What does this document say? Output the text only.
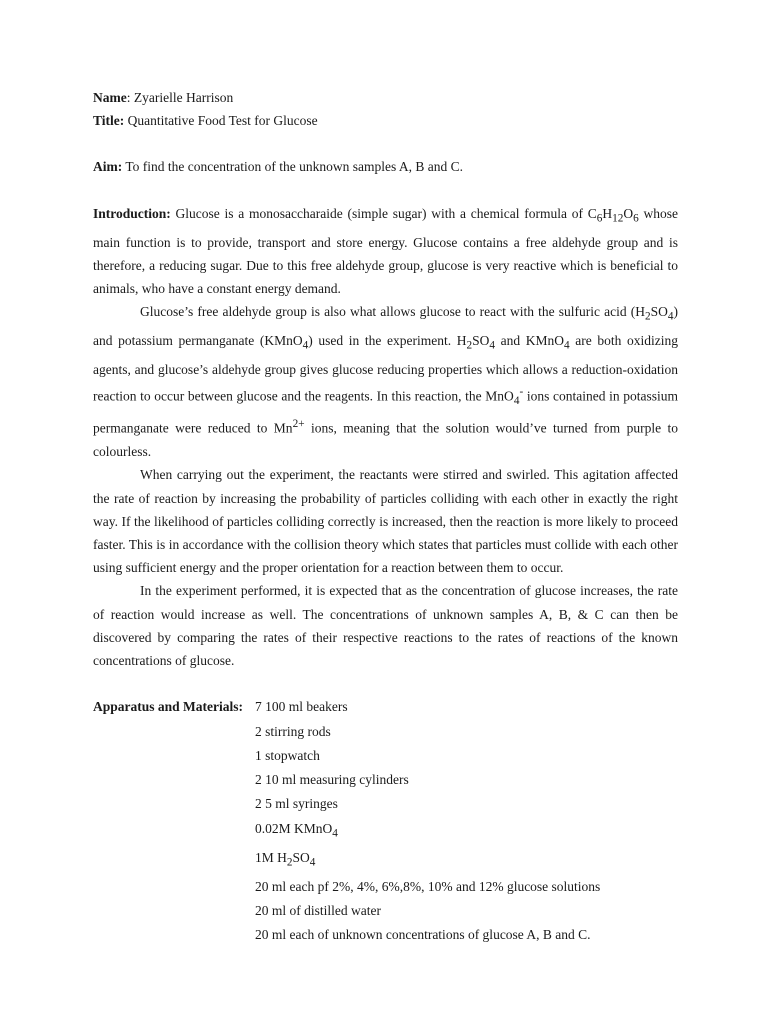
Name: Zyarielle Harrison

Title: Quantitative Food Test for Glucose

Aim: To find the concentration of the unknown samples A, B and C.

Introduction: Glucose is a monosaccharaide (simple sugar) with a chemical formula of $C_6H_{12}O_6$ whose main function is to provide, transport and store energy. Glucose contains a free aldehyde group and is therefore, a reducing sugar. Due to this free aldehyde group, glucose is very reactive which is beneficial to animals, who have a constant energy demand.

Glucose’s free aldehyde group is also what allows glucose to react with the sulfuric acid $(H_2SO_4)$ and potassium permanganate (KMnO$_4$) used in the experiment. $H_2SO_4$ and KMnO$_4$ are both oxidizing agents, and glucose’s aldehyde group gives glucose reducing properties which allows a reduction-oxidation reaction to occur between glucose and the reagents. In this reaction, the MnO$_4$- ions contained in potassium permanganate were reduced to $Mn^{2+}$ ions, meaning that the solution would’ve turned from purple to colourless.

When carrying out the experiment, the reactants were stirred and swirled. This agitation affected the rate of reaction by increasing the probability of particles colliding with each other in exactly the right way. If the likelihood of particles colliding correctly is increased, then the reaction is more likely to proceed faster. This is in accordance with the collision theory which states that particles must collide with each other using sufficient energy and the proper orientation for a reaction between them to occur.

In the experiment performed, it is expected that as the concentration of glucose increases, the rate of reaction would increase as well. The concentrations of unknown samples A, B, & C can then be discovered by comparing the rates of their respective reactions to the rates of reactions of the known concentrations of glucose.

Apparatus and Materials: 7 100 ml beakers
2 stirring rods
1 stopwatch
2 10 ml measuring cylinders
2 5 ml syringes
0.02M KMnO$_4$
1M $H_2SO_4$
20 ml each pf 2%, 4%, 6%,8%, 10% and 12% glucose solutions
20 ml of distilled water
20 ml each of unknown concentrations of glucose A, B and C.
